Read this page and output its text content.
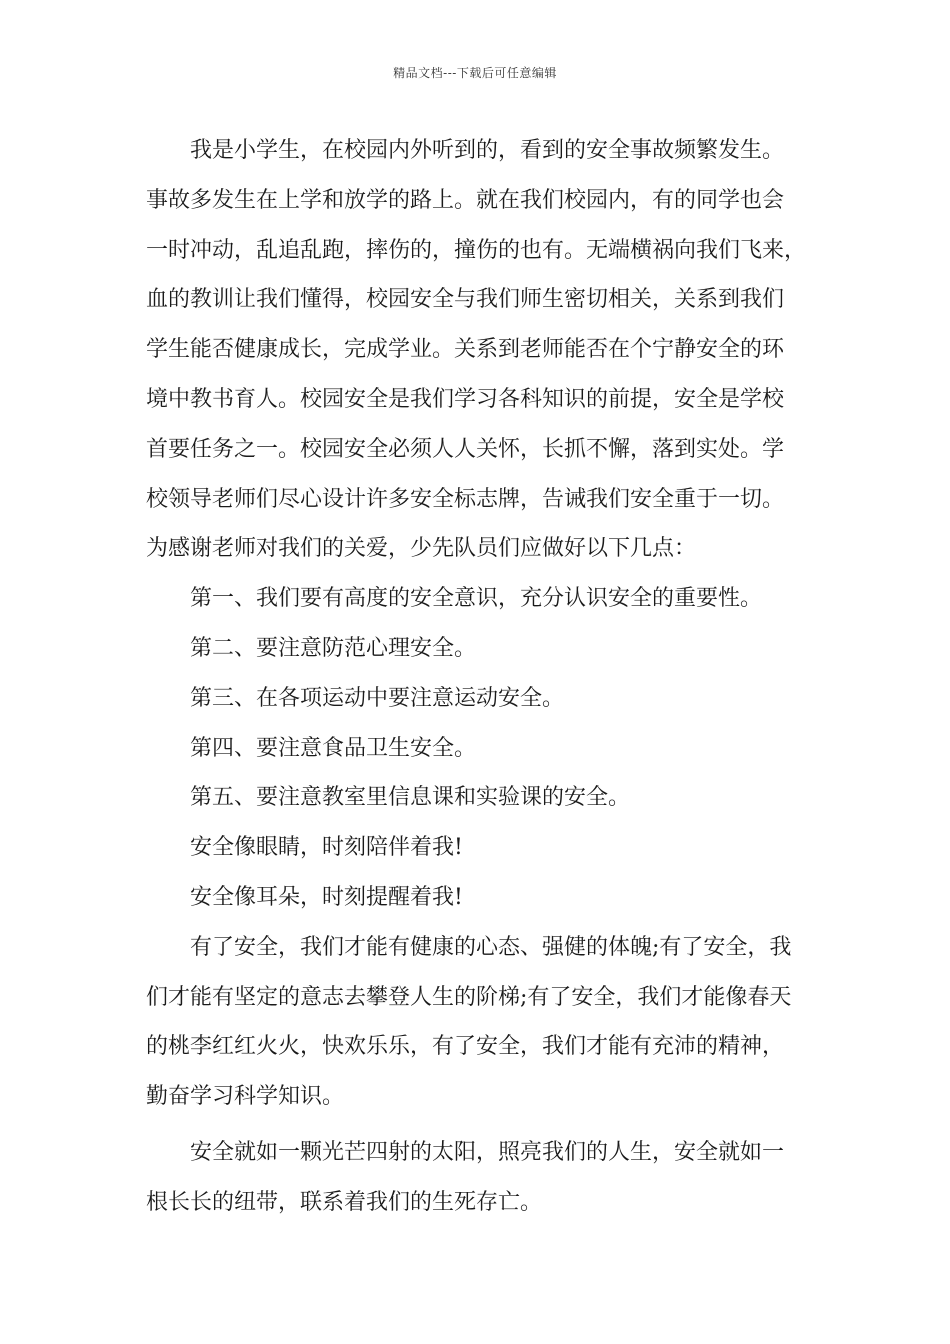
精品文档---下载后可任意编辑
我是小学生，在校园内外听到的，看到的安全事故频繁发生。
事故多发生在上学和放学的路上。就在我们校园内，有的同学也会
一时冲动，乱追乱跑，摔伤的，撞伤的也有。无端横祸向我们飞来，
血的教训让我们懂得，校园安全与我们师生密切相关，关系到我们
学生能否健康成长，完成学业。关系到老师能否在个宁静安全的环
境中教书育人。校园安全是我们学习各科知识的前提，安全是学校
首要任务之一。校园安全必须人人关怀，长抓不懈，落到实处。学
校领导老师们尽心设计许多安全标志牌，告诫我们安全重于一切。
为感谢老师对我们的关爱，少先队员们应做好以下几点：
第一、我们要有高度的安全意识，充分认识安全的重要性。
第二、要注意防范心理安全。
第三、在各项运动中要注意运动安全。
第四、要注意食品卫生安全。
第五、要注意教室里信息课和实验课的安全。
安全像眼睛，时刻陪伴着我!
安全像耳朵，时刻提醒着我!
有了安全，我们才能有健康的心态、强健的体魄;有了安全，我
们才能有坚定的意志去攀登人生的阶梯;有了安全，我们才能像春天
的桃李红红火火，快欢乐乐，有了安全，我们才能有充沛的精神，
勤奋学习科学知识。
安全就如一颗光芒四射的太阳，照亮我们的人生，安全就如一
根长长的纽带，联系着我们的生死存亡。
